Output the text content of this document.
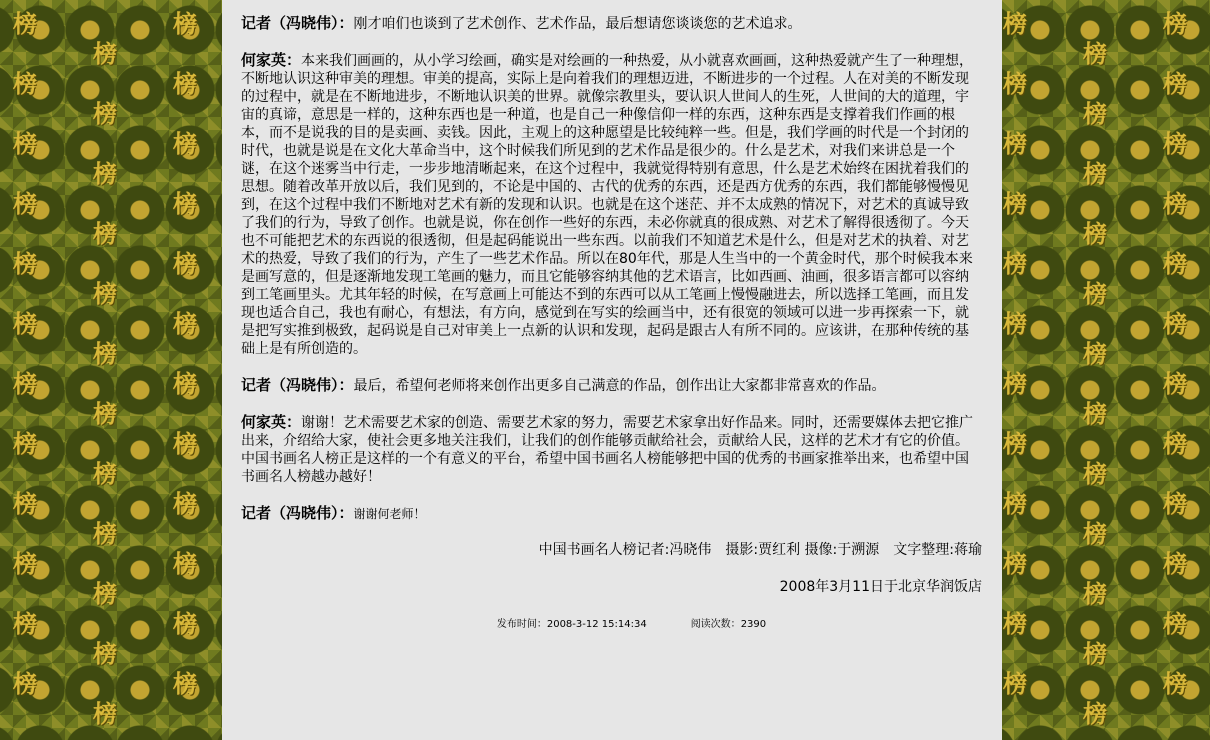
榜
榜
榜
榜
榜
榜
榜
榜
榜
榜
榜
榜
榜
榜
榜
榜
榜
榜
榜
榜
榜
榜
榜
榜
榜
榜
榜
榜
榜
榜
榜
榜
榜
榜
榜
榜
榜
榜
榜
榜
榜
榜
榜
榜
榜
榜
榜
榜
榜
榜
榜
榜
榜
榜
榜
榜
榜
榜
榜
榜
榜
榜
榜
榜
榜
榜
榜
榜
榜
榜
榜
榜

记者（冯晓伟）：刚才咱们也谈到了艺术创作、艺术作品，最后想请您谈谈您的艺术追求。

何家英：本来我们画画的，从小学习绘画，确实是对绘画的一种热爱，从小就喜欢画画，这种热爱就产生了一种理想，不断地认识这种审美的理想。审美的提高，实际上是向着我们的理想迈进，不断进步的一个过程。人在对美的不断发现的过程中，就是在不断地进步，不断地认识美的世界。就像宗教里头，要认识人世间人的生死，人世间的大的道理，宇宙的真谛，意思是一样的，这种东西也是一种道，也是自己一种像信仰一样的东西，这种东西是支撑着我们作画的根本，而不是说我的目的是卖画、卖钱。因此，主观上的这种愿望是比较纯粹一些。但是，我们学画的时代是一个封闭的时代，也就是说是在文化大革命当中，这个时候我们所见到的艺术作品是很少的。什么是艺术，对我们来讲总是一个谜，在这个迷雾当中行走，一步步地清晰起来，在这个过程中，我就觉得特别有意思，什么是艺术始终在困扰着我们的思想。随着改革开放以后，我们见到的，不论是中国的、古代的优秀的东西，还是西方优秀的东西，我们都能够慢慢见到，在这个过程中我们不断地对艺术有新的发现和认识。也就是在这个迷茫、并不太成熟的情况下，对艺术的真诚导致了我们的行为，导致了创作。也就是说，你在创作一些好的东西，未必你就真的很成熟、对艺术了解得很透彻了。今天也不可能把艺术的东西说的很透彻，但是起码能说出一些东西。以前我们不知道艺术是什么，但是对艺术的执着、对艺术的热爱，导致了我们的行为，产生了一些艺术作品。所以在80年代，那是人生当中的一个黄金时代，那个时候我本来是画写意的，但是逐渐地发现工笔画的魅力，而且它能够容纳其他的艺术语言，比如西画、油画，很多语言都可以容纳到工笔画里头。尤其年轻的时候，在写意画上可能达不到的东西可以从工笔画上慢慢融进去，所以选择工笔画，而且发现也适合自己，我也有耐心，有想法，有方向，感觉到在写实的绘画当中，还有很宽的领域可以进一步再探索一下，就是把写实推到极致，起码说是自己对审美上一点新的认识和发现，起码是跟古人有所不同的。应该讲，在那种传统的基础上是有所创造的。

记者（冯晓伟）：最后，希望何老师将来创作出更多自己满意的作品，创作出让大家都非常喜欢的作品。

何家英：谢谢！艺术需要艺术家的创造、需要艺术家的努力，需要艺术家拿出好作品来。同时，还需要媒体去把它推广出来，介绍给大家，使社会更多地关注我们，让我们的创作能够贡献给社会，贡献给人民，这样的艺术才有它的价值。中国书画名人榜正是这样的一个有意义的平台，希望中国书画名人榜能够把中国的优秀的书画家推举出来，也希望中国书画名人榜越办越好！

记者（冯晓伟）：谢谢何老师！

中国书画名人榜记者:冯晓伟 摄影:贾红利 摄像:于溯源 文字整理:蒋瑜
2008年3月11日于北京华润饭店
发布时间：2008-3-12 15:14:34	阅读次数：2390
